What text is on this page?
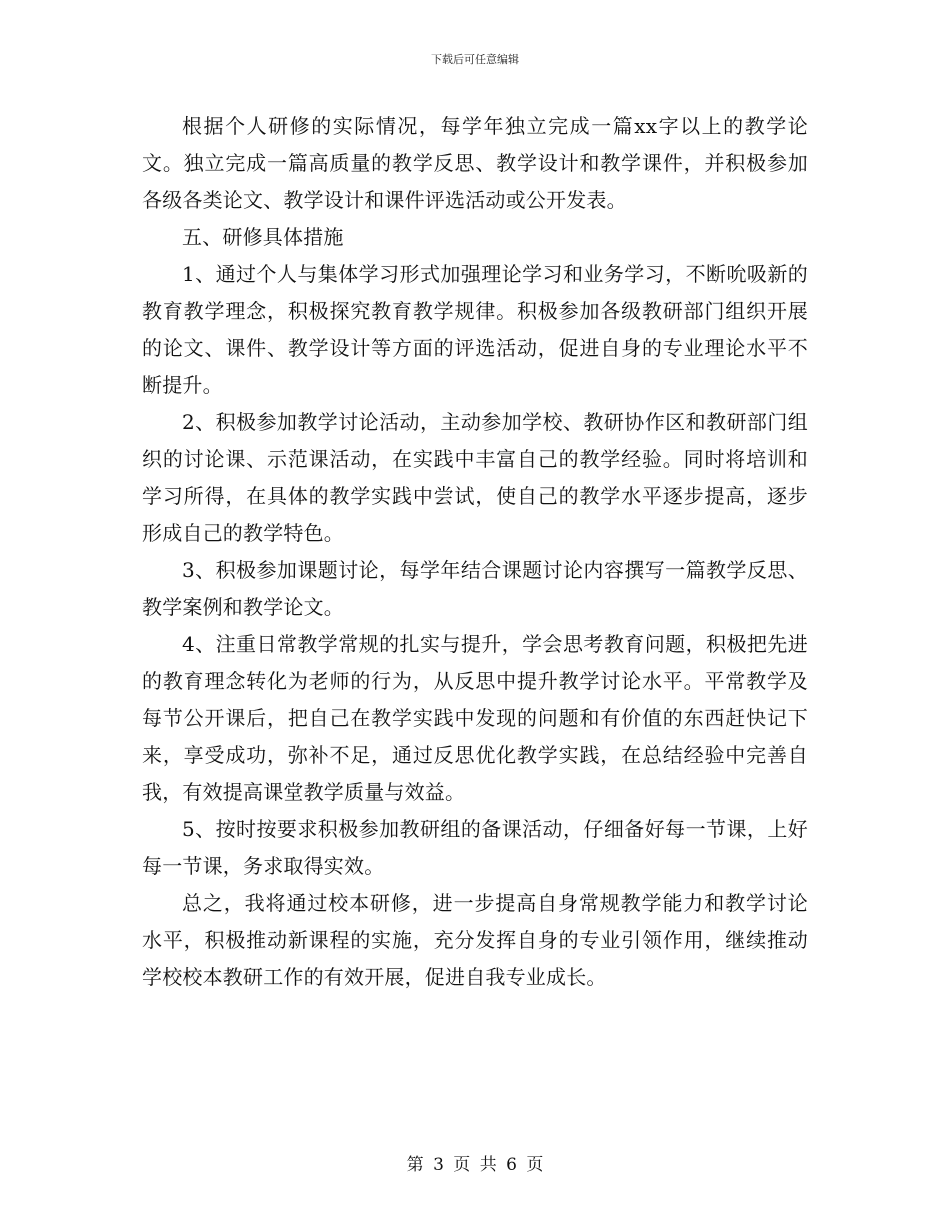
下载后可任意编辑

根据个人研修的实际情况，每学年独立完成一篇xx字以上的教学论文。独立完成一篇高质量的教学反思、教学设计和教学课件，并积极参加各级各类论文、教学设计和课件评选活动或公开发表。

五、研修具体措施

1、通过个人与集体学习形式加强理论学习和业务学习，不断吮吸新的教育教学理念，积极探究教育教学规律。积极参加各级教研部门组织开展的论文、课件、教学设计等方面的评选活动，促进自身的专业理论水平不断提升。

2、积极参加教学讨论活动，主动参加学校、教研协作区和教研部门组织的讨论课、示范课活动，在实践中丰富自己的教学经验。同时将培训和学习所得，在具体的教学实践中尝试，使自己的教学水平逐步提高，逐步形成自己的教学特色。

3、积极参加课题讨论，每学年结合课题讨论内容撰写一篇教学反思、教学案例和教学论文。

4、注重日常教学常规的扎实与提升，学会思考教育问题，积极把先进的教育理念转化为老师的行为，从反思中提升教学讨论水平。平常教学及每节公开课后，把自己在教学实践中发现的问题和有价值的东西赶快记下来，享受成功，弥补不足，通过反思优化教学实践，在总结经验中完善自我，有效提高课堂教学质量与效益。

5、按时按要求积极参加教研组的备课活动，仔细备好每一节课，上好每一节课，务求取得实效。

总之，我将通过校本研修，进一步提高自身常规教学能力和教学讨论水平，积极推动新课程的实施，充分发挥自身的专业引领作用，继续推动学校校本教研工作的有效开展，促进自我专业成长。

第 3 页 共 6 页
